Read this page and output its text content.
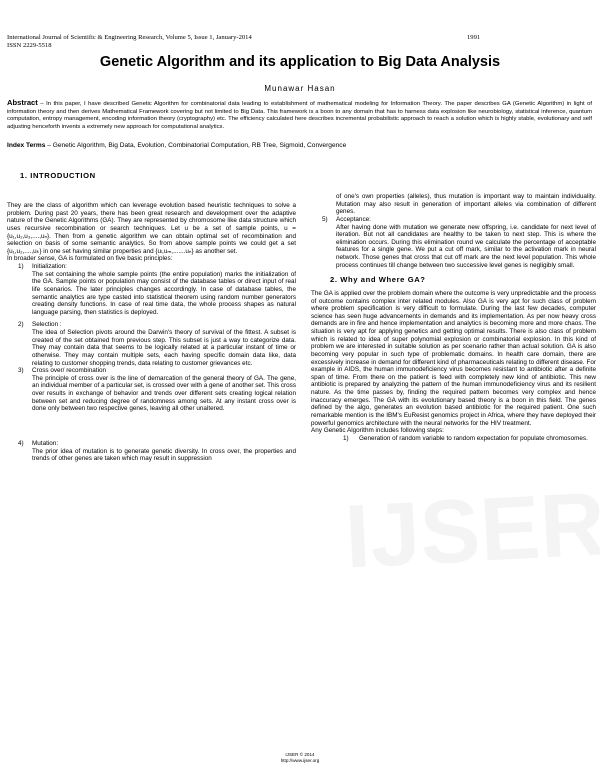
International Journal of Scientific & Engineering Research, Volume 5, Issue 1, January-2014
ISSN 2229-5518
1991
Genetic Algorithm and its application to Big Data Analysis
Munawar Hasan
Abstract – In this paper, I have described Genetic Algorithm for combinatorial data leading to establishment of mathematical modeling for Information Theory. The paper describes GA (Genetic Algorithm) in light of information theory and then derives Mathematical Framework covering but not limited to Big Data. This framework is a boon to any domain that has to harness data explosion like neurobiology, statistical inference, quantum computation, entropy management, encoding information theory (cryptography) etc. The efficiency calculated here describes incremental probabilistic approach to reach a solution which is highly stable, evolutionary and self adjusting henceforth invents a extremely new approach for computational analytics.
Index Terms – Genetic Algorithm, Big Data, Evolution, Combinatorial Computation, RB Tree, Sigmoid, Convergence
1. INTRODUCTION

They are the class of algorithm which can leverage evolution based heuristic techniques to solve a problem. During past 20 years, there has been great research and development over the adaptive nature of the Genetic Algorithms (GA). They are represented by chromosome like data structure which uses recursive recombination or search techniques. Let u be a set of sample points, u = {u₁,u₂,u₃,....,uₙ}. Then from a genetic algorithm we can obtain optimal set of recombination and selection on basis of some semantic analytics. So from above sample points we could get a set {u₁,u₂,....,uₖ} in one set having similar properties and {uₗ,uₘ,.......uₙ} as another set.

In broader sense, GA is formulated on five basic principles:

1) Initialization:

The set containing the whole sample points (the entire population) marks the initialization of the GA. Sample points or population may consist of the database tables or direct input of real life scenarios. The later principles changes accordingly. In case of database tables, the semantic analytics are type casted into statistical theorem using random number generators creating density functions. In case of real time data, the whole process shapes as natural language parsing, then statistics is deployed.

2) Selection :

The idea of Selection pivots around the Darwin's theory of survival of the fittest. A subset is created of the set obtained from previous step. This subset is just a way to categorize data. They may contain data that seems to be logically related at a particular instant of time or otherwise. They may contain multiple sets, each having specific domain data like, data relating to customer shopping trends, data relating to customer grievances etc.

3) Cross over/ recombination

The principle of cross over is the line of demarcation of the general theory of GA. The gene, an individual member of a particular set, is crossed over with a gene of another set. This cross over results in exchange of behavior and trends over different sets creating logical relation between set and reducing degree of randomness among sets. At any instant cross over is done only between two respective genes, leaving all other unaltered.

4) Mutation:

The prior idea of mutation is to generate genetic diversity. In cross over, the properties and trends of other genes are taken which may result in suppression

of one's own properties (alleles), thus mutation is important way to maintain individuality. Mutation may also result in generation of important alleles via combination of different genes.

5) Acceptance:

After having done with mutation we generate new offspring, i.e. candidate for next level of iteration. But not all candidates are healthy to be taken to next step. This is where the elimination occurs. During this elimination round we calculate the percentage of acceptable features for a single gene. We put a cut off mark, similar to the activation mark in neural network. Those genes that cross that cut off mark are the next level population. This whole process continues till change between two successive level genes is negligibly small.

2. Why and Where GA?

The GA is applied over the problem domain where the outcome is very unpredictable and the process of outcome contains complex inter related modules. Also GA is very apt for such class of problem where problem specification is very difficult to formulate. During the last few decades, computer science has seen huge advancements in demands and its implementation. As per now heavy cross demands are in fire and hence implementation and analytics is becoming more and more chaos. The situation is very apt for applying genetics and getting optimal results. There is also class of problem which is related to idea of super polynomial explosion or combinatorial explosion. In this kind of problem we are interested in suitable solution as per scenario rather than actual solution. GA is also becoming very popular in such type of problematic domains. In health care domain, there are excessively increase in demand for different kind of pharmaceuticals relating to different disease. For example in AIDS, the human immunodeficiency virus becomes resistant to antibiotic after a definite span of time. From there on the patient is feed with completely new kind of antibiotic. This new antibiotic is prepared by analyzing the pattern of the human immunodeficiency virus and its resilient nature. As the time passes by, finding the required pattern becomes very complex and hence inaccuracy emerges. The GA with its evolutionary based theory is a boon in this field. The genes defined by the algo, generates an evolution based antibiotic for the required patient. One such remarkable mention is the IBM's EuResist genomics project in Africa, where they have deployed their powerful genomics architecture with the neural networks for the HIV treatment.

Any Genetic Algorithm includes following steps:

1) Generation of random variable to random expectation for populate chromosomes.

IJSER © 2014
http://www.ijser.org
